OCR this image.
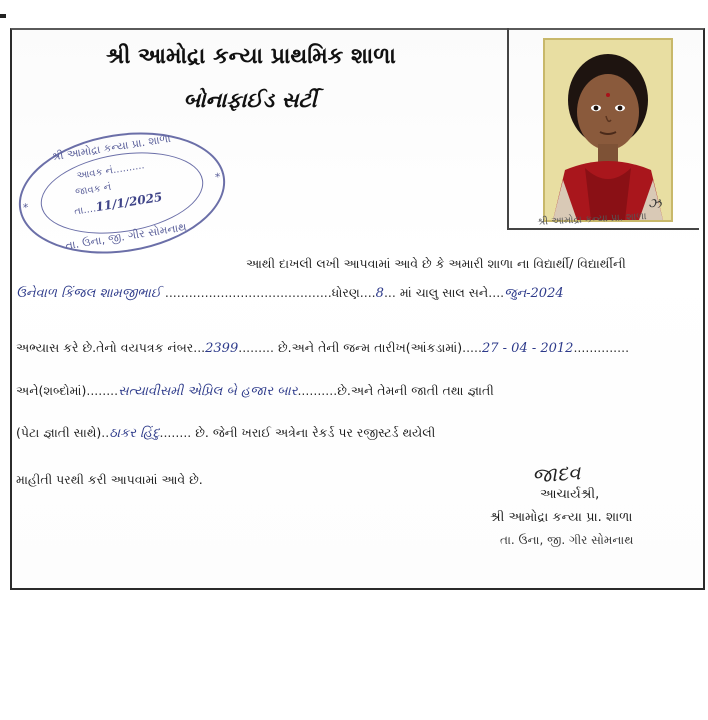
શ્રી આમોદ્રા કન્યા પ્રાથમિક શાળા
બોનાફાઈડ સર્ટી
શ્રી આમોદ્રા કન્યા પ્રા. શાળા
ઝ
શ્રી આમોદ્રા કન્યા પ્રા. શાળા
આવક નં..........
જાવક નં
તા....11/1/2025
તા. ઉના, જી. ગીર સોમનાથ
*
*
આથી દાખલી લખી આપવામાં આવે છે કે અમારી શાળા ના વિદ્યાર્થી/ વિદ્યાર્થીની
ઉનેવાળ કિંજલ શામજીભાઈ ..........................................ધોરણ....8... માં ચાલુ સાલ સને....જુન-2024
અભ્યાસ કરે છે.તેનો વયપત્રક નંબર...2399......... છે.અને તેની જન્મ તારીખ(આંકડામાં).....27 - 04 - 2012..............
અને(શબ્દોમાં)........સત્યાવીસમી એપ્રિલ બે હજાર બાર..........છે.અને તેમની જાતી તથા જ્ઞાતી
(પેટા જ્ઞાતી સાથે)..ઠાકર હિંદુ........ છે. જેની ખરાઈ અત્રેના રેકર્ડ પર રજીસ્ટર્ડ થયેલી
માહીતી પરથી કરી આપવામાં આવે છે.	જાદવ
આચાર્યશ્રી,
શ્રી આમોદ્રા કન્યા પ્રા. શાળા
તા. ઉના, જી. ગીર સોમનાથ
